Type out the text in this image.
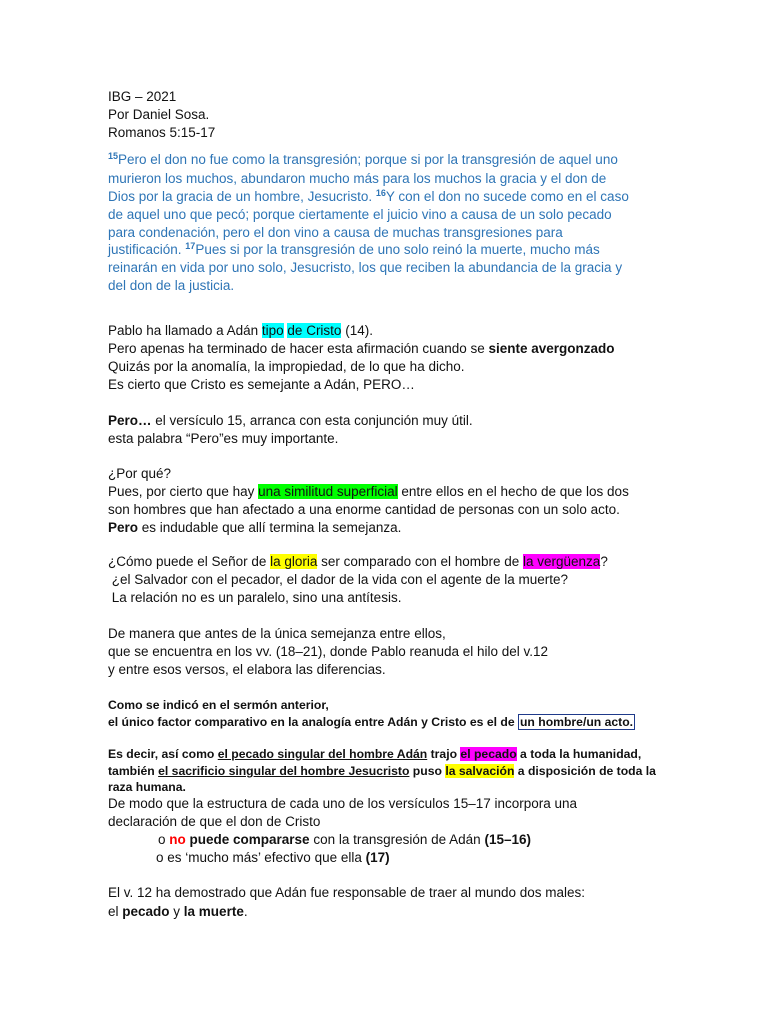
IBG – 2021
Por Daniel Sosa.
Romanos 5:15-17
$^{15}$Pero el don no fue como la transgresión; porque si por la transgresión de aquel uno
murieron los muchos, abundaron mucho más para los muchos la gracia y el don de
Dios por la gracia de un hombre, Jesucristo. $^{16}$Y con el don no sucede como en el caso
de aquel uno que pecó; porque ciertamente el juicio vino a causa de un solo pecado
para condenación, pero el don vino a causa de muchas transgresiones para
justificación. $^{17}$Pues si por la transgresión de uno solo reinó la muerte, mucho más
reinarán en vida por uno solo, Jesucristo, los que reciben la abundancia de la gracia y
del don de la justicia.
Pablo ha llamado a Adán tipo de Cristo (14).
Pero apenas ha terminado de hacer esta afirmación cuando se siente avergonzado
Quizás por la anomalía, la impropiedad, de lo que ha dicho.
Es cierto que Cristo es semejante a Adán, PERO…
Pero… el versículo 15, arranca con esta conjunción muy útil.
esta palabra “Pero”es muy importante.
¿Por qué?
Pues, por cierto que hay una similitud superficial entre ellos en el hecho de que los dos
son hombres que han afectado a una enorme cantidad de personas con un solo acto.
Pero es indudable que allí termina la semejanza.
¿Cómo puede el Señor de la gloria ser comparado con el hombre de la vergüenza?
¿el Salvador con el pecador, el dador de la vida con el agente de la muerte?
La relación no es un paralelo, sino una antítesis.
De manera que antes de la única semejanza entre ellos,
que se encuentra en los vv. (18–21), donde Pablo reanuda el hilo del v.12
y entre esos versos, el elabora las diferencias.
Como se indicó en el sermón anterior,
el único factor comparativo en la analogía entre Adán y Cristo es el de un hombre/un acto.
Es decir, así como el pecado singular del hombre Adán trajo el pecado a toda la humanidad,
también el sacrificio singular del hombre Jesucristo puso la salvación a disposición de toda la
raza humana.
De modo que la estructura de cada uno de los versículos 15–17 incorpora una
declaración de que el don de Cristo
o no puede compararse con la transgresión de Adán (15–16)
o es ‘mucho más’ efectivo que ella (17)
El v. 12 ha demostrado que Adán fue responsable de traer al mundo dos males:
el pecado y la muerte.
